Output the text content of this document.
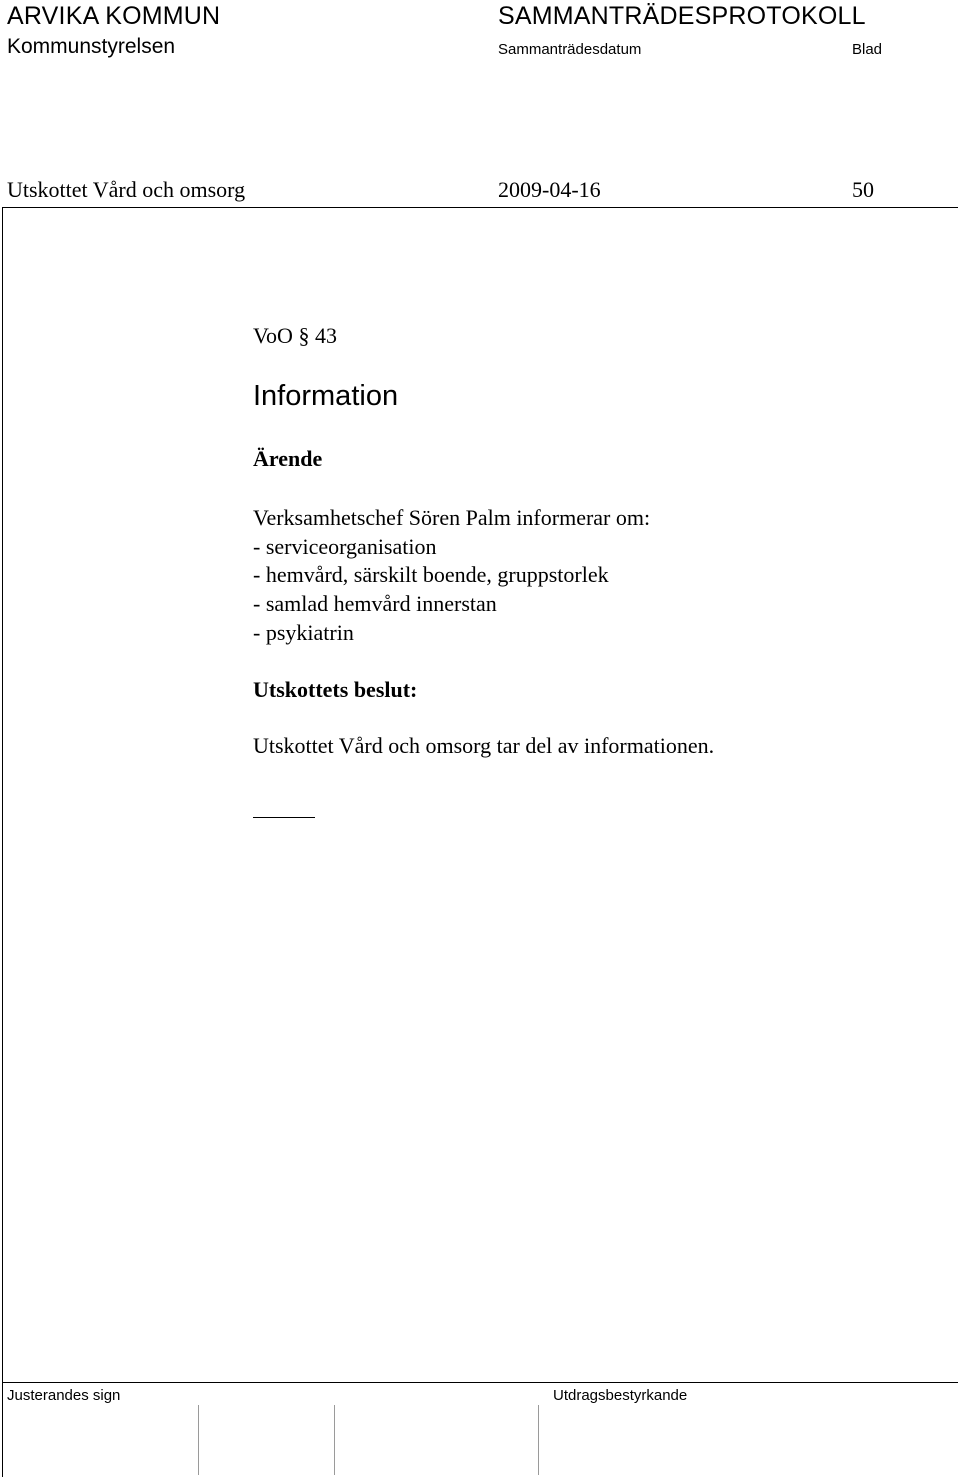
ARVIKA KOMMUN
Kommunstyrelsen
SAMMANTRÄDESPROTOKOLL
Sammanträdesdatum	Blad
Utskottet Vård och omsorg	2009-04-16	50
VoO § 43
Information
Ärende
Verksamhetschef Sören Palm informerar om:
- serviceorganisation
- hemvård, särskilt boende, gruppstorlek
- samlad hemvård innerstan
- psykiatrin
Utskottets beslut:
Utskottet Vård och omsorg tar del av informationen.
Justerandes sign	Utdragsbestyrkande
